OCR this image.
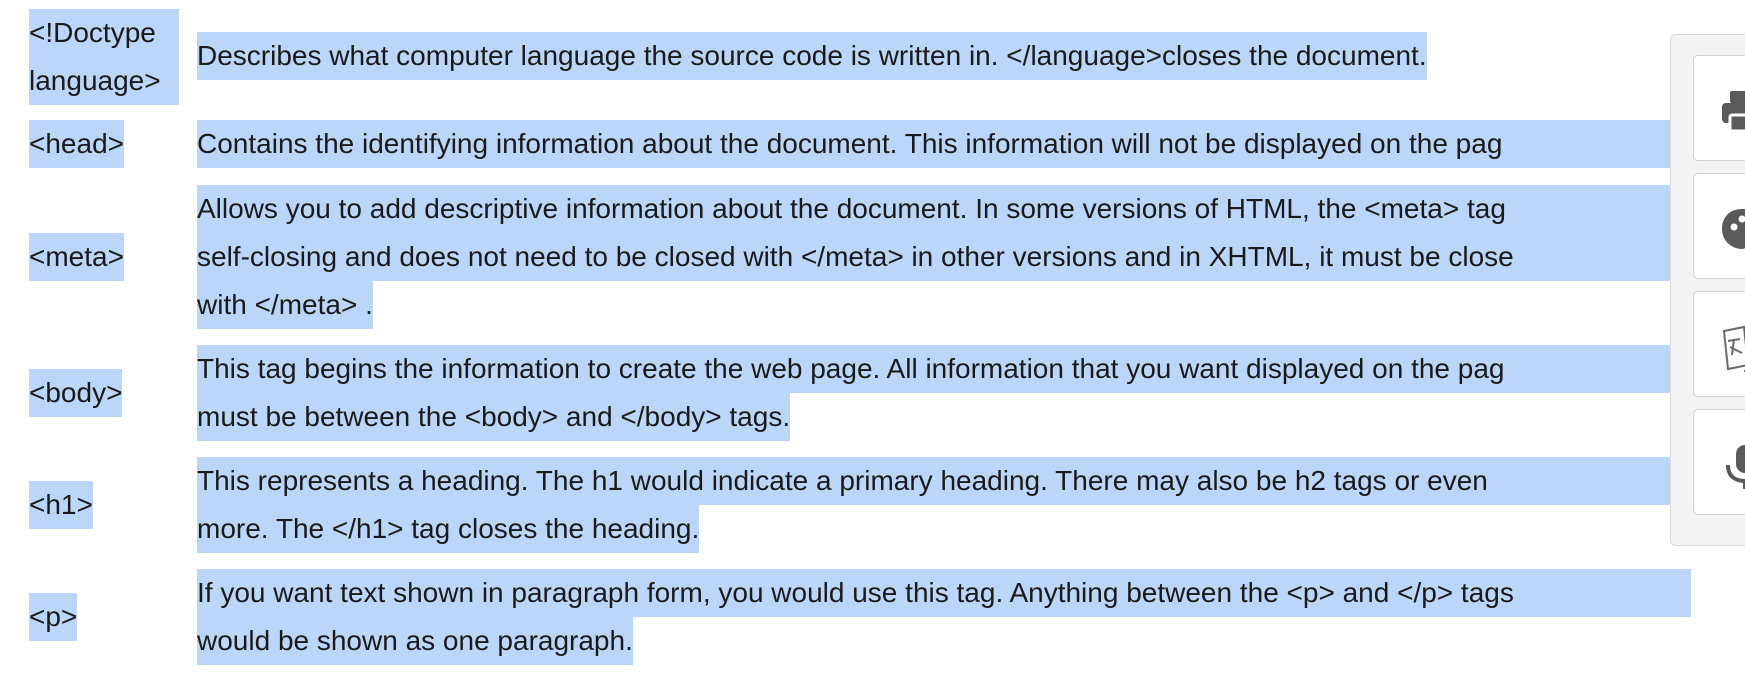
<!Doctype
language>
Describes what computer language the source code is written in. </language>closes the document.
<head>	Contains the identifying information about the document. This information will not be displayed on the pag
<meta>
Allows you to add descriptive information about the document. In some versions of HTML, the <meta> tag
self-closing and does not need to be closed with </meta> in other versions and in XHTML, it must be close
with </meta> .
<body>
This tag begins the information to create the web page. All information that you want displayed on the pag
must be between the <body> and </body> tags.
<h1>
This represents a heading. The h1 would indicate a primary heading. There may also be h2 tags or even
more. The </h1> tag closes the heading.
<p>
If you want text shown in paragraph form, you would use this tag. Anything between the <p> and </p> tags
would be shown as one paragraph.
